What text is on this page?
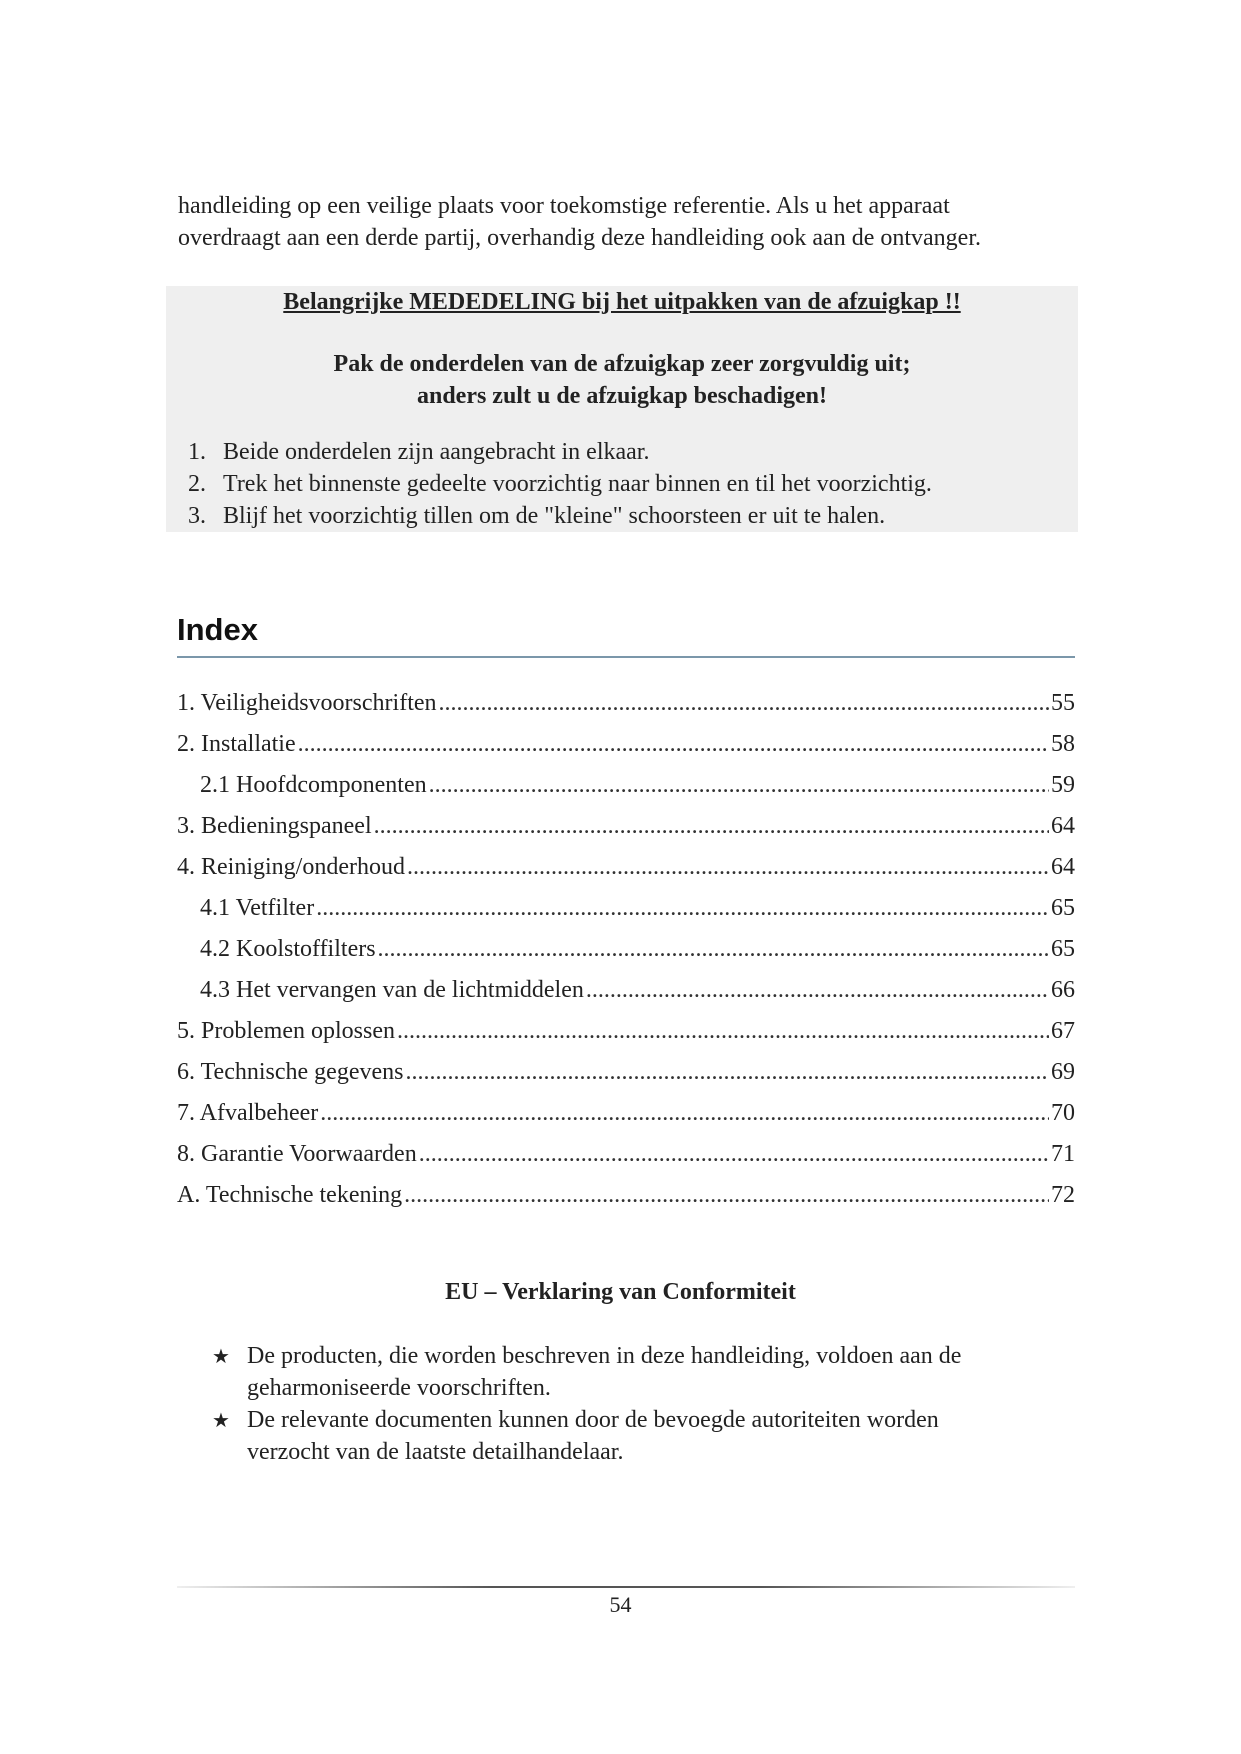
handleiding op een veilige plaats voor toekomstige referentie. Als u het apparaat
overdraagt aan een derde partij, overhandig deze handleiding ook aan de ontvanger.
Belangrijke MEDEDELING bij het uitpakken van de afzuigkap !!
Pak de onderdelen van de afzuigkap zeer zorgvuldig uit;
anders zult u de afzuigkap beschadigen!
1. Beide onderdelen zijn aangebracht in elkaar.
2. Trek het binnenste gedeelte voorzichtig naar binnen en til het voorzichtig.
3. Blijf het voorzichtig tillen om de "kleine" schoorsteen er uit te halen.
Index
1. Veiligheidsvoorschriften .....	55
2. Installatie .....	58
2.1 Hoofdcomponenten .....	59
3. Bedieningspaneel .....	64
4. Reiniging/onderhoud .....	64
4.1 Vetfilter .....	65
4.2 Koolstoffilters .....	65
4.3 Het vervangen van de lichtmiddelen .....	66
5. Problemen oplossen .....	67
6. Technische gegevens .....	69
7. Afvalbeheer .....	70
8. Garantie Voorwaarden .....	71
A. Technische tekening .....	72
EU – Verklaring van Conformiteit
★ De producten, die worden beschreven in deze handleiding, voldoen aan de
geharmoniseerde voorschriften.
★ De relevante documenten kunnen door de bevoegde autoriteiten worden
verzocht van de laatste detailhandelaar.
54
